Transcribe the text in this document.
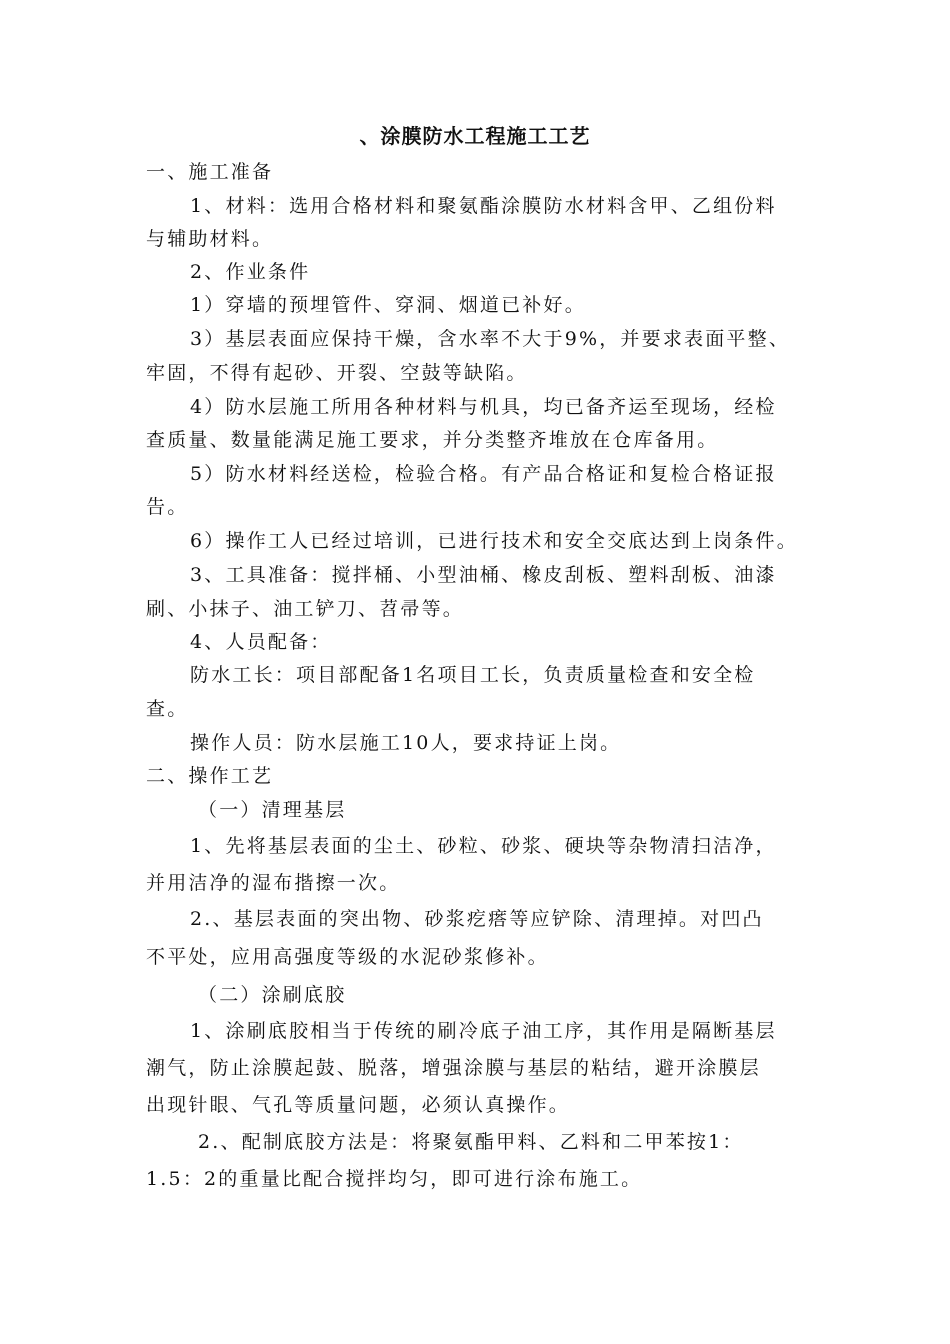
、涂膜防水工程施工工艺
一、施工准备
1、材料：选用合格材料和聚氨酯涂膜防水材料含甲、乙组份料
与辅助材料。
2、作业条件
1）穿墙的预埋管件、穿洞、烟道已补好。
3）基层表面应保持干燥，含水率不大于9%，并要求表面平整、
牢固，不得有起砂、开裂、空鼓等缺陷。
4）防水层施工所用各种材料与机具，均已备齐运至现场，经检
查质量、数量能满足施工要求，并分类整齐堆放在仓库备用。
5）防水材料经送检，检验合格。有产品合格证和复检合格证报
告。
6）操作工人已经过培训，已进行技术和安全交底达到上岗条件。
3、工具准备：搅拌桶、小型油桶、橡皮刮板、塑料刮板、油漆
刷、小抹子、油工铲刀、苕帚等。
4、人员配备：
防水工长：项目部配备1名项目工长，负责质量检查和安全检
查。
操作人员：防水层施工10人，要求持证上岗。
二、操作工艺
（一）清理基层
1、先将基层表面的尘土、砂粒、砂浆、硬块等杂物清扫洁净，
并用洁净的湿布揩擦一次。
2.、基层表面的突出物、砂浆疙瘩等应铲除、清理掉。对凹凸
不平处，应用高强度等级的水泥砂浆修补。
（二）涂刷底胶
1、涂刷底胶相当于传统的刷冷底子油工序，其作用是隔断基层
潮气，防止涂膜起鼓、脱落，增强涂膜与基层的粘结，避开涂膜层
出现针眼、气孔等质量问题，必须认真操作。
2.、配制底胶方法是：将聚氨酯甲料、乙料和二甲苯按1：
1.5：2的重量比配合搅拌均匀，即可进行涂布施工。
